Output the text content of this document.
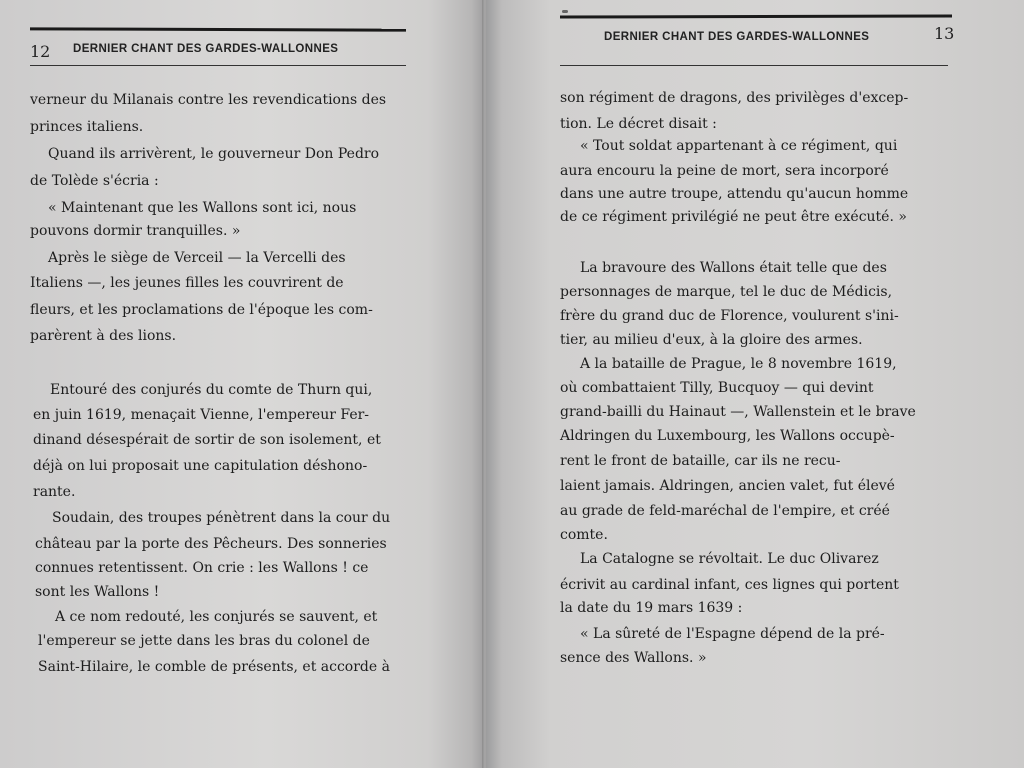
12 DERNIER CHANT DES GARDES-WALLONNES
verneur du Milanais contre les revendications des
princes italiens.
Quand ils arrivèrent, le gouverneur Don Pedro
de Tolède s'écria :
« Maintenant que les Wallons sont ici, nous
pouvons dormir tranquilles. »
Après le siège de Verceil — la Vercelli des
Italiens —, les jeunes filles les couvrirent de
fleurs, et les proclamations de l'époque les com-
parèrent à des lions.
Entouré des conjurés du comte de Thurn qui,
en juin 1619, menaçait Vienne, l'empereur Fer-
dinand désespérait de sortir de son isolement, et
déjà on lui proposait une capitulation déshono-
rante.
Soudain, des troupes pénètrent dans la cour du
château par la porte des Pêcheurs. Des sonneries
connues retentissent. On crie : les Wallons ! ce
sont les Wallons !
A ce nom redouté, les conjurés se sauvent, et
l'empereur se jette dans les bras du colonel de
Saint-Hilaire, le comble de présents, et accorde à
DERNIER CHANT DES GARDES-WALLONNES	13
son régiment de dragons, des privilèges d'excep-
tion. Le décret disait :
« Tout soldat appartenant à ce régiment, qui
aura encouru la peine de mort, sera incorporé
dans une autre troupe, attendu qu'aucun homme
de ce régiment privilégié ne peut être exécuté. »
La bravoure des Wallons était telle que des
personnages de marque, tel le duc de Médicis,
frère du grand duc de Florence, voulurent s'ini-
tier, au milieu d'eux, à la gloire des armes.
A la bataille de Prague, le 8 novembre 1619,
où combattaient Tilly, Bucquoy — qui devint
grand-bailli du Hainaut —, Wallenstein et le brave
Aldringen du Luxembourg, les Wallons occupè-
rent le front de bataille, car ils ne recu-
laient jamais. Aldringen, ancien valet, fut élevé
au grade de feld-maréchal de l'empire, et créé
comte.
La Catalogne se révoltait. Le duc Olivarez
écrivit au cardinal infant, ces lignes qui portent
la date du 19 mars 1639 :
« La sûreté de l'Espagne dépend de la pré-
sence des Wallons. »
